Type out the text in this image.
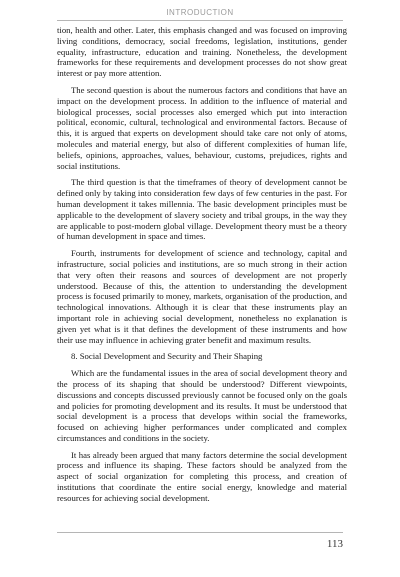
INTRODUCTION

tion, health and other. Later, this emphasis changed and was focused on improving living conditions, democracy, social freedoms, legislation, institutions, gender equality, infrastructure, education and training. Nonetheless, the development frameworks for these requirements and development processes do not show great interest or pay more attention.

The second question is about the numerous factors and conditions that have an impact on the development process. In addition to the influence of material and biological processes, social processes also emerged which put into interaction political, economic, cultural, technological and environmental factors. Because of this, it is argued that experts on development should take care not only of atoms, molecules and material energy, but also of different complexities of human life, beliefs, opinions, approaches, values, behaviour, customs, prejudices, rights and social institutions.

The third question is that the timeframes of theory of development cannot be defined only by taking into consideration few days of few centuries in the past. For human development it takes millennia. The basic development principles must be applicable to the development of slavery society and tribal groups, in the way they are applicable to post-modern global village. Development theory must be a theory of human development in space and times.

Fourth, instruments for development of science and technology, capital and infrastructure, social policies and institutions, are so much strong in their action that very often their reasons and sources of development are not properly understood. Because of this, the attention to understanding the development process is focused primarily to money, markets, organisation of the production, and technological innovations. Although it is clear that these instruments play an important role in achieving social development, nonetheless no explanation is given yet what is it that defines the development of these instruments and how their use may influence in achieving grater benefit and maximum results.

8. Social Development and Security and Their Shaping

Which are the fundamental issues in the area of social development theory and the process of its shaping that should be understood? Different viewpoints, discussions and concepts discussed previously cannot be focused only on the goals and policies for promoting development and its results. It must be understood that social development is a process that develops within social the frameworks, focused on achieving higher performances under complicated and complex circumstances and conditions in the society.

It has already been argued that many factors determine the social development process and influence its shaping. These factors should be analyzed from the aspect of social organization for completing this process, and creation of institutions that coordinate the entire social energy, knowledge and material resources for achieving social development.

113
